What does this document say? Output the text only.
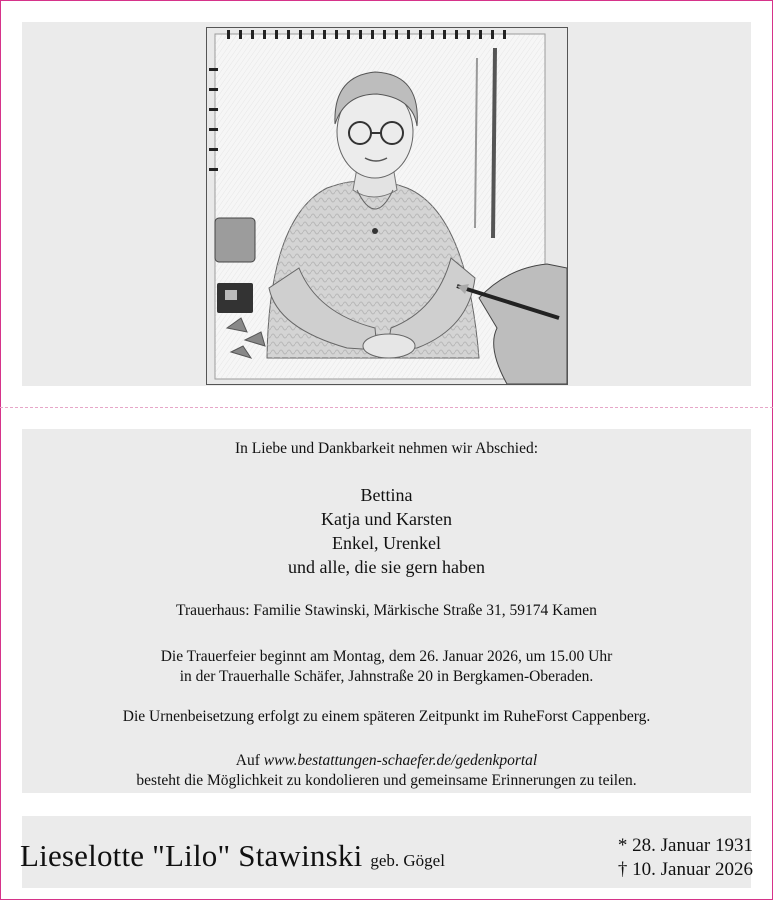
In Liebe und Dankbarkeit nehmen wir Abschied:
Bettina
Katja und Karsten
Enkel, Urenkel
und alle, die sie gern haben
Trauerhaus: Familie Stawinski, Märkische Straße 31, 59174 Kamen
Die Trauerfeier beginnt am Montag, dem 26. Januar 2026, um 15.00 Uhr
in der Trauerhalle Schäfer, Jahnstraße 20 in Bergkamen-Oberaden.
Die Urnenbeisetzung erfolgt zu einem späteren Zeitpunkt im RuheForst Cappenberg.
Auf www.bestattungen-schaefer.de/gedenkportal
besteht die Möglichkeit zu kondolieren und gemeinsame Erinnerungen zu teilen.
Lieselotte "Lilo" Stawinski geb. Gögel
* 28. Januar 1931
† 10. Januar 2026
